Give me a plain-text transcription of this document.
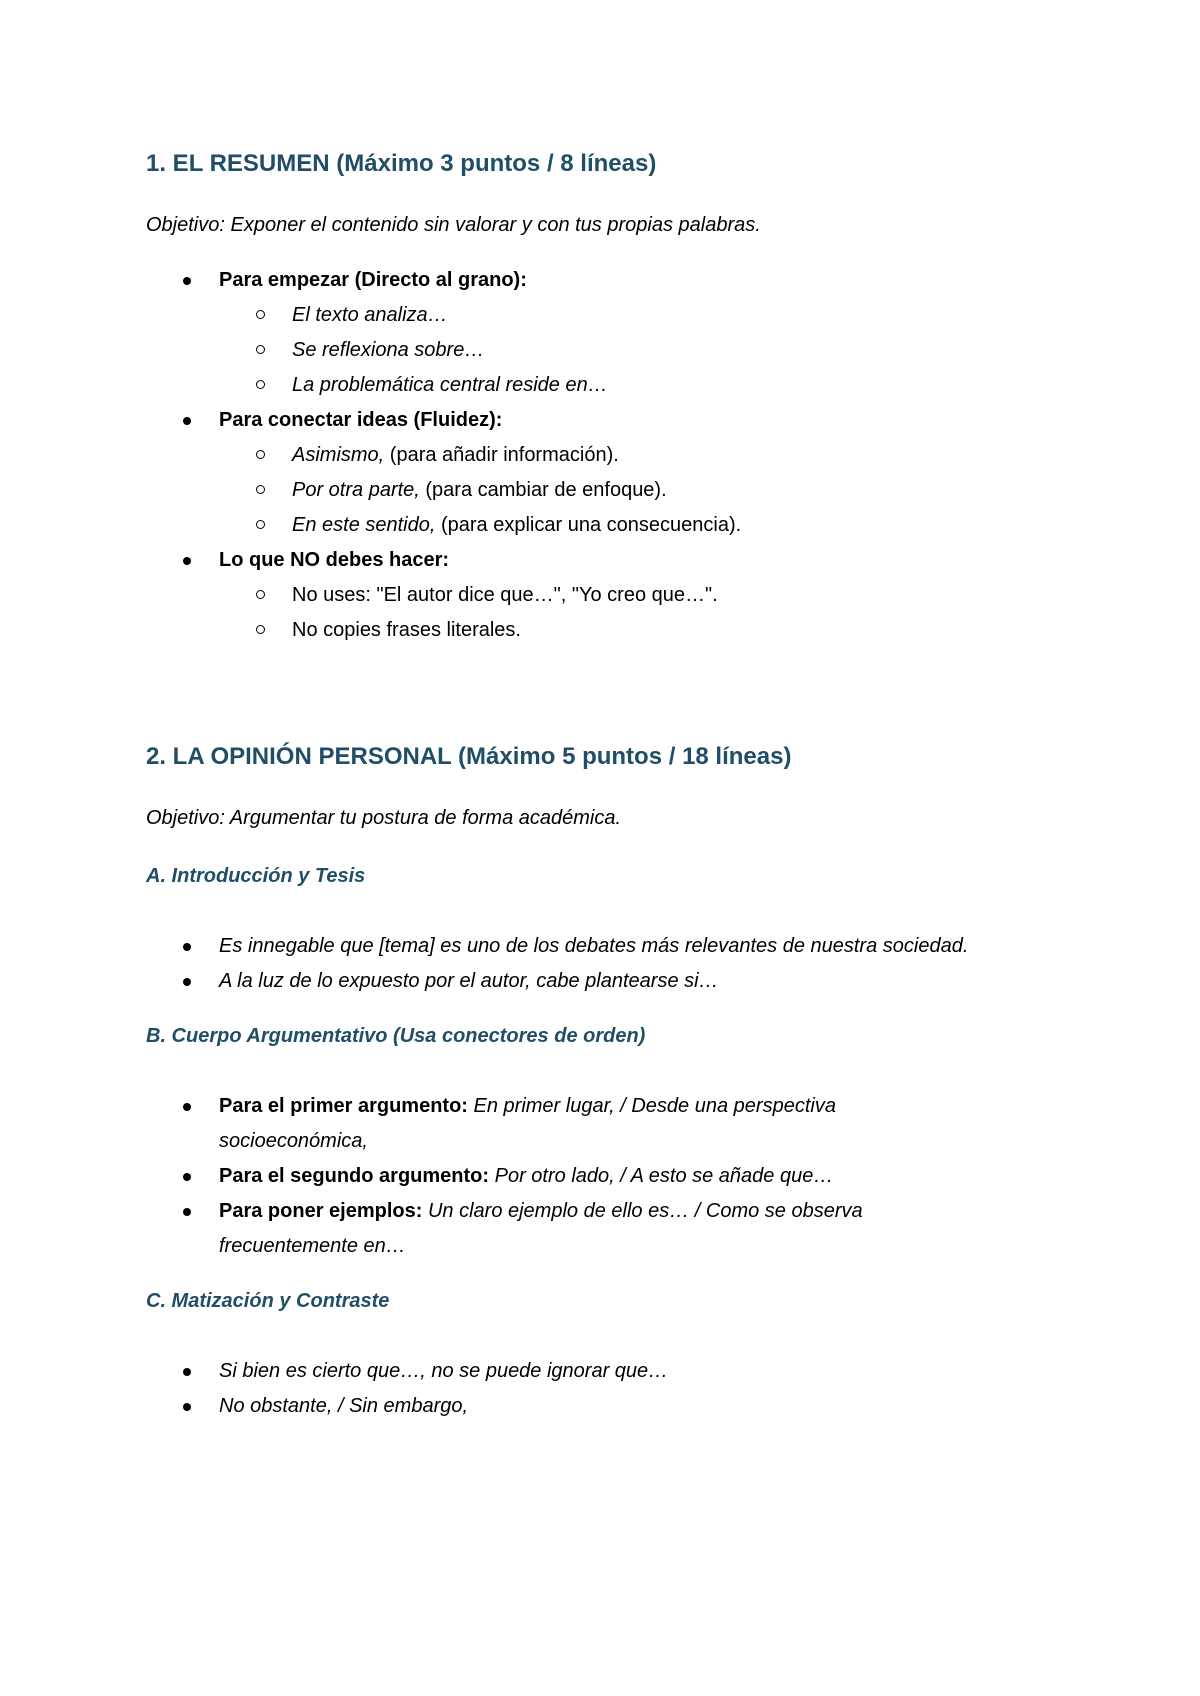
1. EL RESUMEN (Máximo 3 puntos / 8 líneas)

Objetivo: Exponer el contenido sin valorar y con tus propias palabras.

Para empezar (Directo al grano):
El texto analiza…
Se reflexiona sobre…
La problemática central reside en…
Para conectar ideas (Fluidez):
Asimismo, (para añadir información).
Por otra parte, (para cambiar de enfoque).
En este sentido, (para explicar una consecuencia).
Lo que NO debes hacer:
No uses: "El autor dice que…", "Yo creo que…".
No copies frases literales.
2. LA OPINIÓN PERSONAL (Máximo 5 puntos / 18 líneas)

Objetivo: Argumentar tu postura de forma académica.

A. Introducción y Tesis
Es innegable que [tema] es uno de los debates más relevantes de nuestra sociedad.
A la luz de lo expuesto por el autor, cabe plantearse si…
B. Cuerpo Argumentativo (Usa conectores de orden)
Para el primer argumento: En primer lugar, / Desde una perspectiva socioeconómica,
Para el segundo argumento: Por otro lado, / A esto se añade que…
Para poner ejemplos: Un claro ejemplo de ello es… / Como se observa frecuentemente en…
C. Matización y Contraste
Si bien es cierto que…, no se puede ignorar que…
No obstante, / Sin embargo,
